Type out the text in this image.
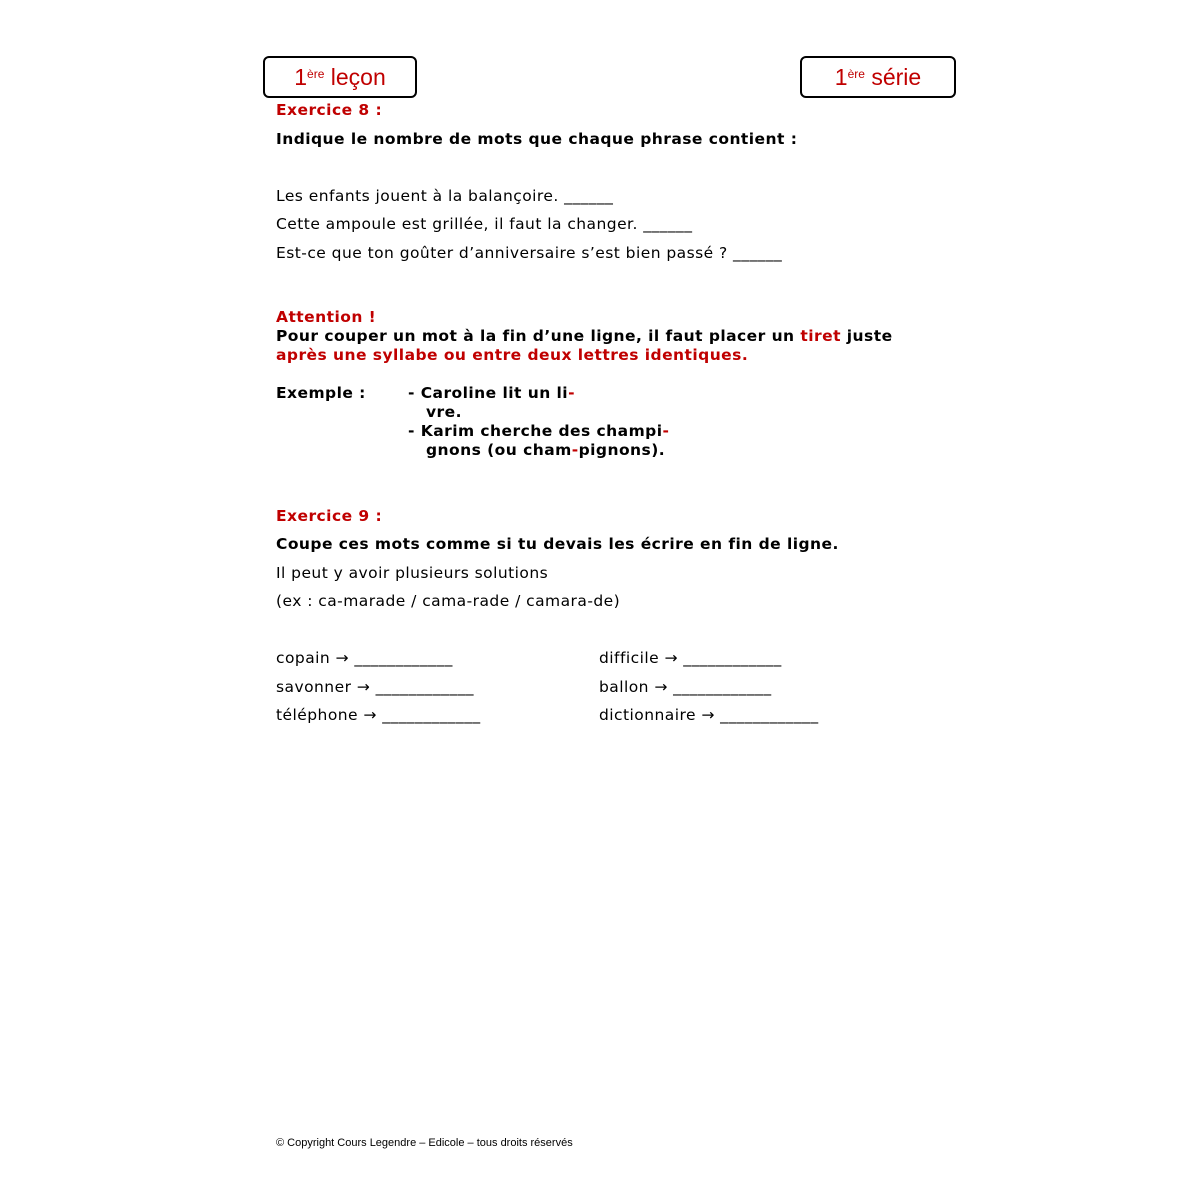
1ère leçon	1ère série
Exercice 8 :
Indique le nombre de mots que chaque phrase contient :
Les enfants jouent à la balançoire. ______
Cette ampoule est grillée, il faut la changer. ______
Est-ce que ton goûter d’anniversaire s’est bien passé ? ______
Attention !
Pour couper un mot à la fin d’une ligne, il faut placer un tiret juste
après une syllabe ou entre deux lettres identiques.
Exemple :	- Caroline lit un li-
vre.
- Karim cherche des champi-
gnons (ou cham-pignons).
Exercice 9 :
Coupe ces mots comme si tu devais les écrire en fin de ligne.
Il peut y avoir plusieurs solutions
(ex : ca-marade / cama-rade / camara-de)
copain → ____________
savonner → ____________
téléphone → ____________
difficile → ____________
ballon → ____________
dictionnaire → ____________
© Copyright Cours Legendre – Edicole – tous droits réservés
